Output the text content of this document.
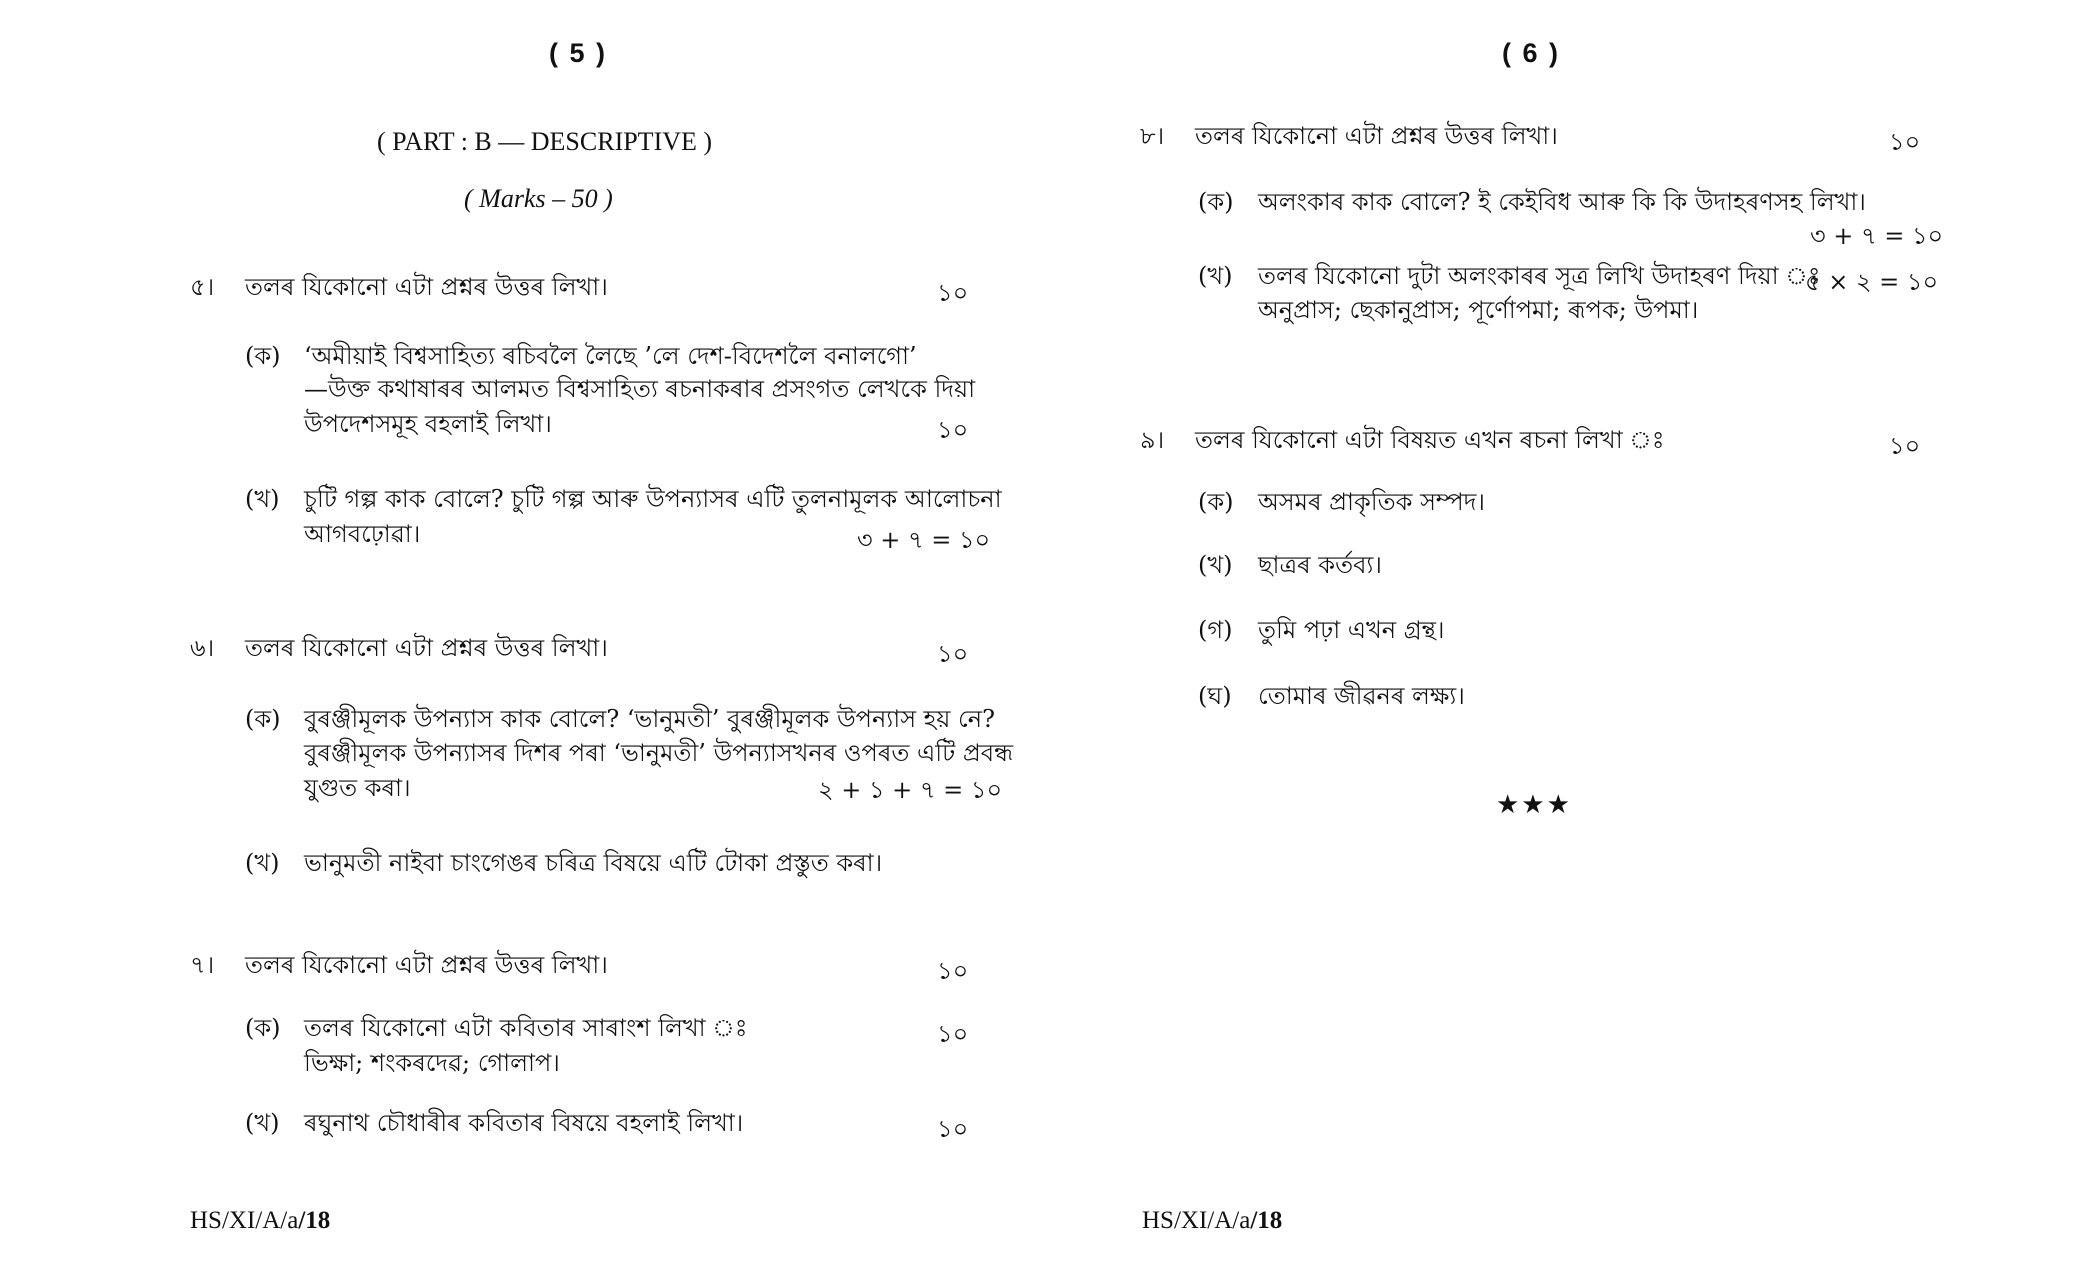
( 5 )
( PART : B — DESCRIPTIVE )
( Marks – 50 )
৫। তলৰ যিকোনো এটা প্ৰশ্নৰ উত্তৰ লিখা।	১০
(ক) ‘অমীয়াই বিশ্বসাহিত্য ৰচিবলৈ লৈছে ’লে দেশ-বিদেশলৈ বনালগো’
—উক্ত কথাষাৰৰ আলমত বিশ্বসাহিত্য ৰচনাকৰাৰ প্ৰসংগত লেখকে দিয়া
উপদেশসমূহ বহলাই লিখা।	১০
(খ) চুটি গল্প কাক বোলে? চুটি গল্প আৰু উপন্যাসৰ এটি তুলনামূলক আলোচনা
আগবঢ়োৱা।	৩ + ৭ = ১০
৬। তলৰ যিকোনো এটা প্ৰশ্নৰ উত্তৰ লিখা।	১০
(ক) বুৰঞ্জীমূলক উপন্যাস কাক বোলে? ‘ভানুমতী’ বুৰঞ্জীমূলক উপন্যাস হয় নে?
বুৰঞ্জীমূলক উপন্যাসৰ দিশৰ পৰা ‘ভানুমতী’ উপন্যাসখনৰ ওপৰত এটি প্ৰবন্ধ
যুগুত কৰা।	২ + ১ + ৭ = ১০
(খ) ভানুমতী নাইবা চাংগেঙৰ চৰিত্ৰ বিষয়ে এটি টোকা প্ৰস্তুত কৰা।
৭। তলৰ যিকোনো এটা প্ৰশ্নৰ উত্তৰ লিখা।	১০
(ক) তলৰ যিকোনো এটা কবিতাৰ সাৰাংশ লিখা ঃ	১০
ভিক্ষা; শংকৰদেৱ; গোলাপ।
(খ) ৰঘুনাথ চৌধাৰীৰ কবিতাৰ বিষয়ে বহলাই লিখা।	১০
HS/XI/A/a/18
( 6 )
৮। তলৰ যিকোনো এটা প্ৰশ্নৰ উত্তৰ লিখা।	১০
(ক) অলংকাৰ কাক বোলে? ই কেইবিধ আৰু কি কি উদাহৰণসহ লিখা।
৩ + ৭ = ১০
(খ) তলৰ যিকোনো দুটা অলংকাৰৰ সূত্ৰ লিখি উদাহৰণ দিয়া ঃ
৫ × ২ = ১০
অনুপ্ৰাস; ছেকানুপ্ৰাস; পূৰ্ণোপমা; ৰূপক; উপমা।
৯। তলৰ যিকোনো এটা বিষয়ত এখন ৰচনা লিখা ঃ	১০
(ক) অসমৰ প্ৰাকৃতিক সম্পদ।
(খ) ছাত্ৰৰ কৰ্তব্য।
(গ) তুমি পঢ়া এখন গ্ৰন্থ।
(ঘ) তোমাৰ জীৱনৰ লক্ষ্য।
★★★
HS/XI/A/a/18
